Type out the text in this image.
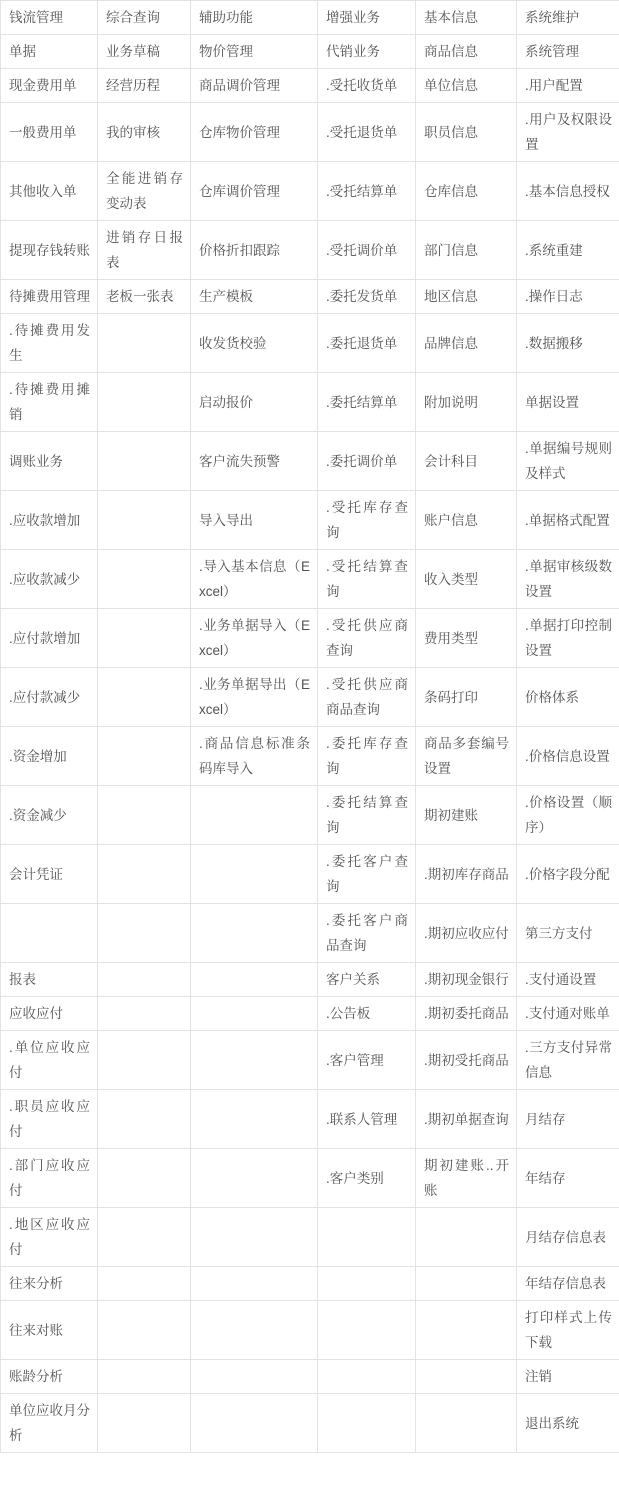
钱流管理	综合查询	辅助功能	增强业务	基本信息	系统维护
单据	业务草稿	物价管理	代销业务	商品信息	系统管理
现金费用单	经营历程	商品调价管理	.受托收货单	单位信息	.用户配置
一般费用单	我的审核	仓库物价管理	.受托退货单	职员信息	.用户及权限设置
其他收入单	全能进销存变动表	仓库调价管理	.受托结算单	仓库信息	.基本信息授权
提现存钱转账	进销存日报表	价格折扣跟踪	.受托调价单	部门信息	.系统重建
待摊费用管理	老板一张表	生产模板	.委托发货单	地区信息	.操作日志
.待摊费用发生		收发货校验	.委托退货单	品牌信息	.数据搬移
.待摊费用摊销		启动报价	.委托结算单	附加说明	单据设置
调账业务		客户流失预警	.委托调价单	会计科目	.单据编号规则及样式
.应收款增加		导入导出	.受托库存查询	账户信息	.单据格式配置
.应收款减少		.导入基本信息（Excel）	.受托结算查询	收入类型	.单据审核级数设置
.应付款增加		.业务单据导入（Excel）	.受托供应商查询	费用类型	.单据打印控制设置
.应付款减少		.业务单据导出（Excel）	.受托供应商商品查询	条码打印	价格体系
.资金增加		.商品信息标准条码库导入	.委托库存查询	商品多套编号设置	.价格信息设置
.资金减少			.委托结算查询	期初建账	.价格设置（顺序）
会计凭证			.委托客户查询	.期初库存商品	.价格字段分配
			.委托客户商品查询	.期初应收应付	第三方支付
报表			客户关系	.期初现金银行	.支付通设置
应收应付			.公告板	.期初委托商品	.支付通对账单
.单位应收应付			.客户管理	.期初受托商品	.三方支付异常信息
.职员应收应付			.联系人管理	.期初单据查询	月结存
.部门应收应付			.客户类别	期初建账..开账	年结存
.地区应收应付					月结存信息表
往来分析					年结存信息表
往来对账					打印样式上传下载
账龄分析					注销
单位应收月分析					退出系统
